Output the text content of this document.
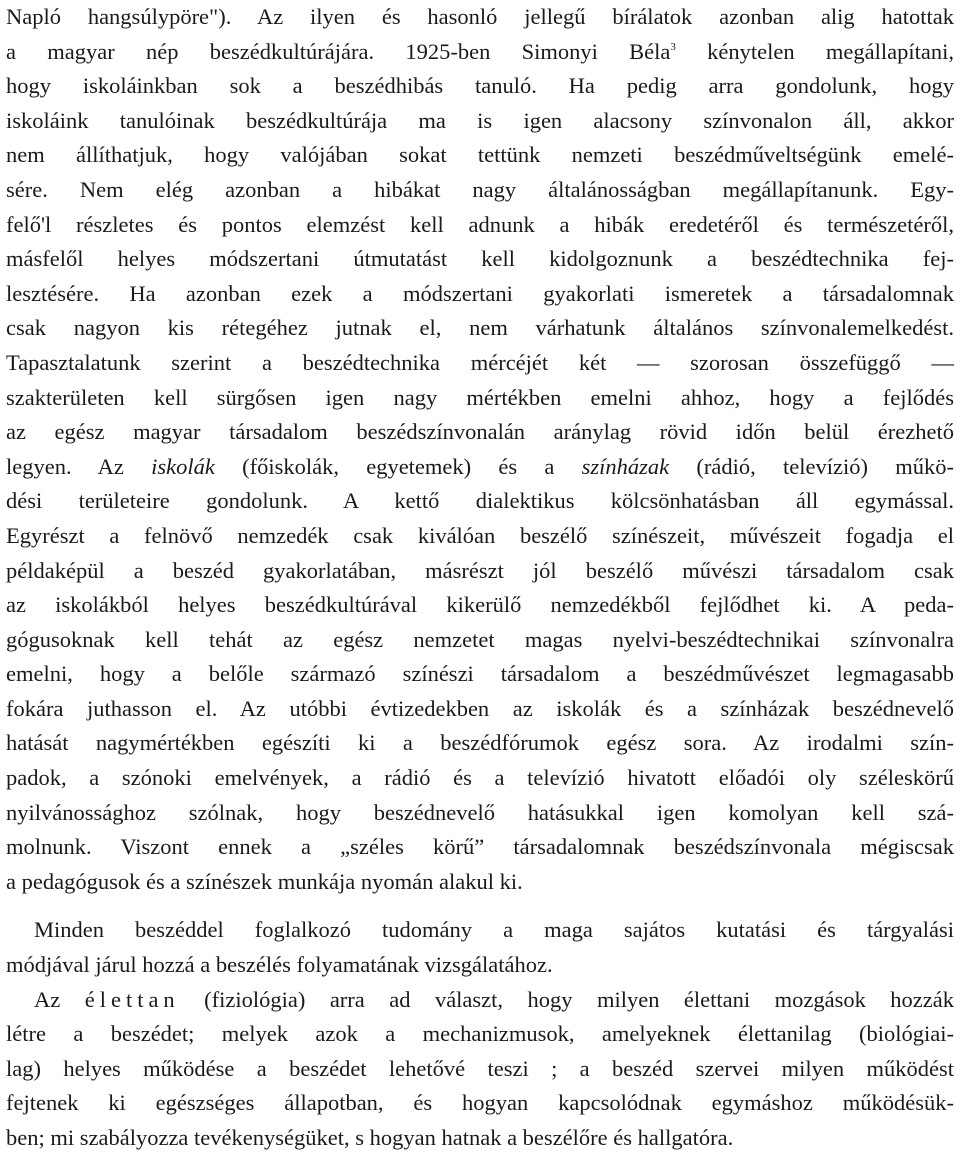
Napló hangsúlypöre"). Az ilyen és hasonló jellegű bírálatok azonban alig hatottak
a magyar nép beszédkultúrájára. 1925-ben Simonyi Béla$^3$ kénytelen megállapítani,
hogy iskoláinkban sok a beszédhibás tanuló. Ha pedig arra gondolunk, hogy
iskoláink tanulóinak beszédkultúrája ma is igen alacsony színvonalon áll, akkor
nem állíthatjuk, hogy valójában sokat tettünk nemzeti beszédműveltségünk emelé-
sére. Nem elég azonban a hibákat nagy általánosságban megállapítanunk. Egy-
felő'l részletes és pontos elemzést kell adnunk a hibák eredetéről és természetéről,
másfelől helyes módszertani útmutatást kell kidolgoznunk a beszédtechnika fej-
lesztésére. Ha azonban ezek a módszertani gyakorlati ismeretek a társadalomnak
csak nagyon kis rétegéhez jutnak el, nem várhatunk általános színvonalemelkedést.
Tapasztalatunk szerint a beszédtechnika mércéjét két — szorosan összefüggő —
szakterületen kell sürgősen igen nagy mértékben emelni ahhoz, hogy a fejlődés
az egész magyar társadalom beszédszínvonalán aránylag rövid időn belül érezhető
legyen. Az iskolák (főiskolák, egyetemek) és a színházak (rádió, televízió) műkö-
dési területeire gondolunk. A kettő dialektikus kölcsönhatásban áll egymással.
Egyrészt a felnövő nemzedék csak kiválóan beszélő színészeit, művészeit fogadja el
példaképül a beszéd gyakorlatában, másrészt jól beszélő művészi társadalom csak
az iskolákból helyes beszédkultúrával kikerülő nemzedékből fejlődhet ki. A peda-
gógusoknak kell tehát az egész nemzetet magas nyelvi-beszédtechnikai színvonalra
emelni, hogy a belőle származó színészi társadalom a beszédművészet legmagasabb
fokára juthasson el. Az utóbbi évtizedekben az iskolák és a színházak beszédnevelő
hatását nagymértékben egészíti ki a beszédfórumok egész sora. Az irodalmi szín-
padok, a szónoki emelvények, a rádió és a televízió hivatott előadói oly széleskörű
nyilvánossághoz szólnak, hogy beszédnevelő hatásukkal igen komolyan kell szá-
molnunk. Viszont ennek a „széles körű” társadalomnak beszédszínvonala mégiscsak
a pedagógusok és a színészek munkája nyomán alakul ki.
Minden beszéddel foglalkozó tudomány a maga sajátos kutatási és tárgyalási
módjával járul hozzá a beszélés folyamatának vizsgálatához.
Az élettan (fiziológia) arra ad választ, hogy milyen élettani mozgások hozzák
létre a beszédet; melyek azok a mechanizmusok, amelyeknek élettanilag (biológiai-
lag) helyes működése a beszédet lehetővé teszi ; a beszéd szervei milyen működést
fejtenek ki egészséges állapotban, és hogyan kapcsolódnak egymáshoz működésük-
ben; mi szabályozza tevékenységüket, s hogyan hatnak a beszélőre és hallgatóra.
